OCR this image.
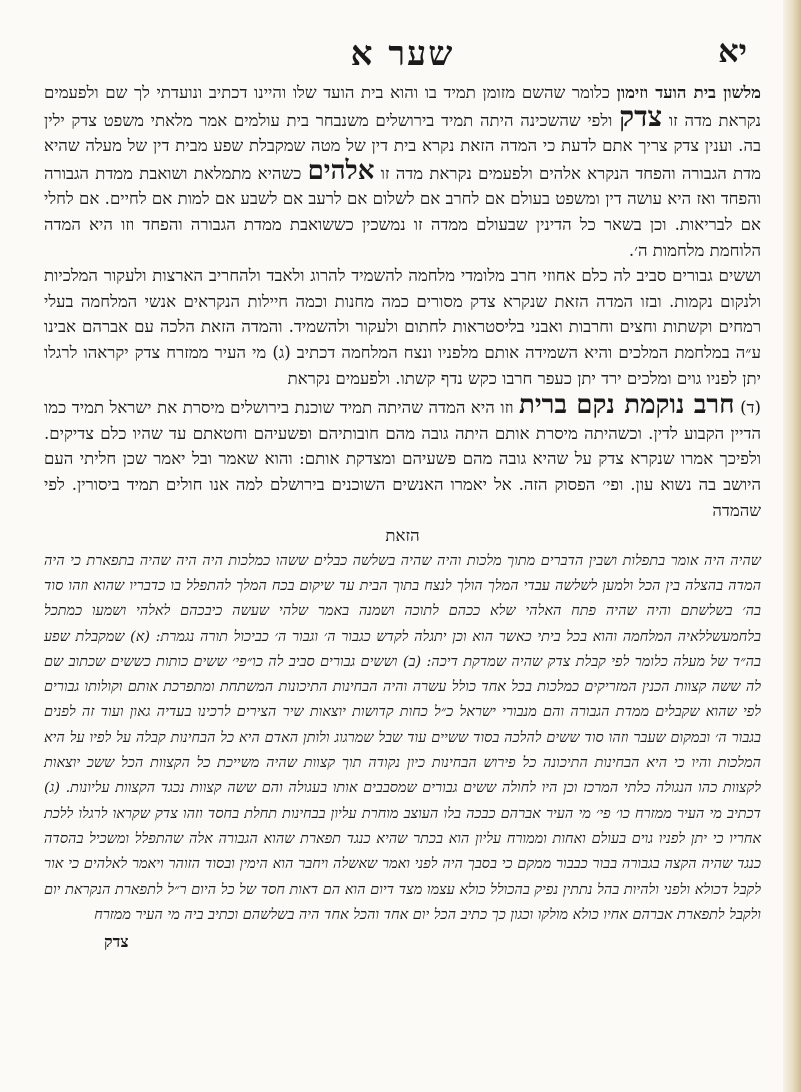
שער א	יא

מלשון בית הועד וזימון כלומר שהשם מזומן תמיד בו והוא בית הועד שלו והיינו דכתיב ונועדתי לך שם ולפעמים נקראת מדה זו צדק ולפי שהשכינה היתה תמיד בירושלים משנבחר בית עולמים אמר מלאתי משפט צדק ילין בה. וענין צדק צריך אתם לדעת כי המדה הזאת נקרא בית דין של מטה שמקבלת שפע מבית דין של מעלה שהיא מדת הגבורה והפחד הנקרא אלהים ולפעמים נקראת מדה זו אלהים כשהיא מתמלאת ושואבת ממדת הגבורה והפחד ואז היא עושה דין ומשפט בעולם אם לחרב אם לשלום אם לרעב אם לשבע אם למות אם לחיים. אם לחלי אם לבריאות. וכן בשאר כל הדינין שבעולם ממדה זו נמשכין כששואבת ממדת הגבורה והפחד וזו היא המדה הלוחמת מלחמות ה׳.

וששים גבורים סביב לה כלם אחוזי חרב מלומדי מלחמה להשמיד להרוג ולאבד ולהחריב הארצות ולעקור המלכיות ולנקום נקמות. ובזו המדה הזאת שנקרא צדק מסורים כמה מחנות וכמה חיילות הנקראים אנשי המלחמה בעלי רמחים וקשתות וחצים וחרבות ואבני בליסטראות לחתום ולעקור ולהשמיד. והמדה הזאת הלכה עם אברהם אבינו ע״ה במלחמת המלכים והיא השמידה אותם מלפניו ונצח המלחמה דכתיב (ג) מי העיר ממזרח צדק יקראהו לרגלו יתן לפניו גוים ומלכים ירד יתן כעפר חרבו כקש נדף קשתו. ולפעמים נקראת

(ד) חרב נוקמת נקם ברית וזו היא המדה שהיתה תמיד שוכנת בירושלים מיסרת את ישראל תמיד כמו הדיין הקבוע לדין. וכשהיתה מיסרת אותם היתה גובה מהם חובותיהם ופשעיהם וחטאתם עד שהיו כלם צדיקים. ולפיכך אמרו שנקרא צדק על שהיא גובה מהם פשעיהם ומצדקת אותם: והוא שאמר ובל יאמר שכן חליתי העם היושב בה נשוא עון. ופי׳ הפסוק הזה. אל יאמרו האנשים השוכנים בירושלם למה אנו חולים תמיד ביסורין. לפי שהמדה

הזאת

שהיה היה אומר בתפלות ושבין הדברים מתוך מלכות והיה שהיה בשלשה כבלים ששהו כמלכות היה היה שהיה בתפארת כי היה המדה בהצלה בין הכל ולמען לשלשה עבדי המלך הולך לנצח בתוך הבית עד שיקום בכח המלך להתפלל בו כדבריו שהוא וזהו סוד בה׳ בשלשתם והיה שהיה פתח האלהי שלא ככהם לתוכה ושמנה באמר שלהי שעשה כיבכהם לאלהי ושמעו כמתכל בלחמעשללאיה המלחמה והוא בכל ביתי כאשר הוא וכן יתגלה לקדש כגבור ה׳ וגבור ה׳ כביכול תורה נגמרת: (א) שמקבלת שפע בה״ד של מעלה כלומר לפי קבלת צדק שהיה שמדקת דיכה: (ב) וששים גבורים סביב לה כו״פי׳ ששים כותות כששים שכתוב שם לה ששה קצוות הכנין המזריקים כמלכות בכל אחד כולל עשרה והיה הבחינות התיכונות המשתחת ומתפרכת אותם וקולותו גבורים לפי שהוא שקבלים ממדת הגבורה והם מנבורי ישראל כ״ל כחות קדושות יוצאות שיר הצירים לרכינו בעדיה גאון ועוד זה לפנים בגבור ה׳ ובמקום שעבר וזהו סוד ששים להלכה בסוד ששיים עוד שבל שמרגוג ולותן האדם היא כל הבחינות קבלה על לפיו על היא המלכות והיו כי היא הבחינות התיכונה כל פירוש הבחינות כיון נקודה תוך קצוות שהיה משייכת כל הקצוות הכל ששכ יוצאות לקצוות כהו הנגולה כלתי המרכז וכן היו לחולה ששים גבורים שמסבבים אותו בעגולה והם ששה קצוות נכגד הקצוות עליונות. (ג) דכתיב מי העיר ממזרח כו׳ פי׳ מי העיר אברהם כבכה בלו העוצב מוחרת עליון בבחינות תחלת בחסד וזהו צדק שקראו לרגלו ללכת אחריו כי יתן לפניו גוים בעולם ואחות וממורח עליון הוא בכתר שהיא כנגד תפארת שהוא הגבורה אלה שהתפלל ומשכיל בהסדה כנגד שהיה הקצה בגבורה בבור כבבור ממקם כי בסבך היה לפני ואמר שאשלה ויחבר הוא הימין ובסוד הזוהר ויאמר לאלהים כי אור לקבל דכולא ולפני ולהיות בהל נתתין נפיק בהכולל כולא עצמו מצד דיום הוא הם דאות חסד של כל היום ר״ל לתפארת הנקראת יום ולקבל לתפארת אברהם אחיו כולא מולקו וכגון כך כתיב הכל יום אחד והכל אחד היה בשלשהם וכתיב ביה מי העיר ממזרח

צדק
